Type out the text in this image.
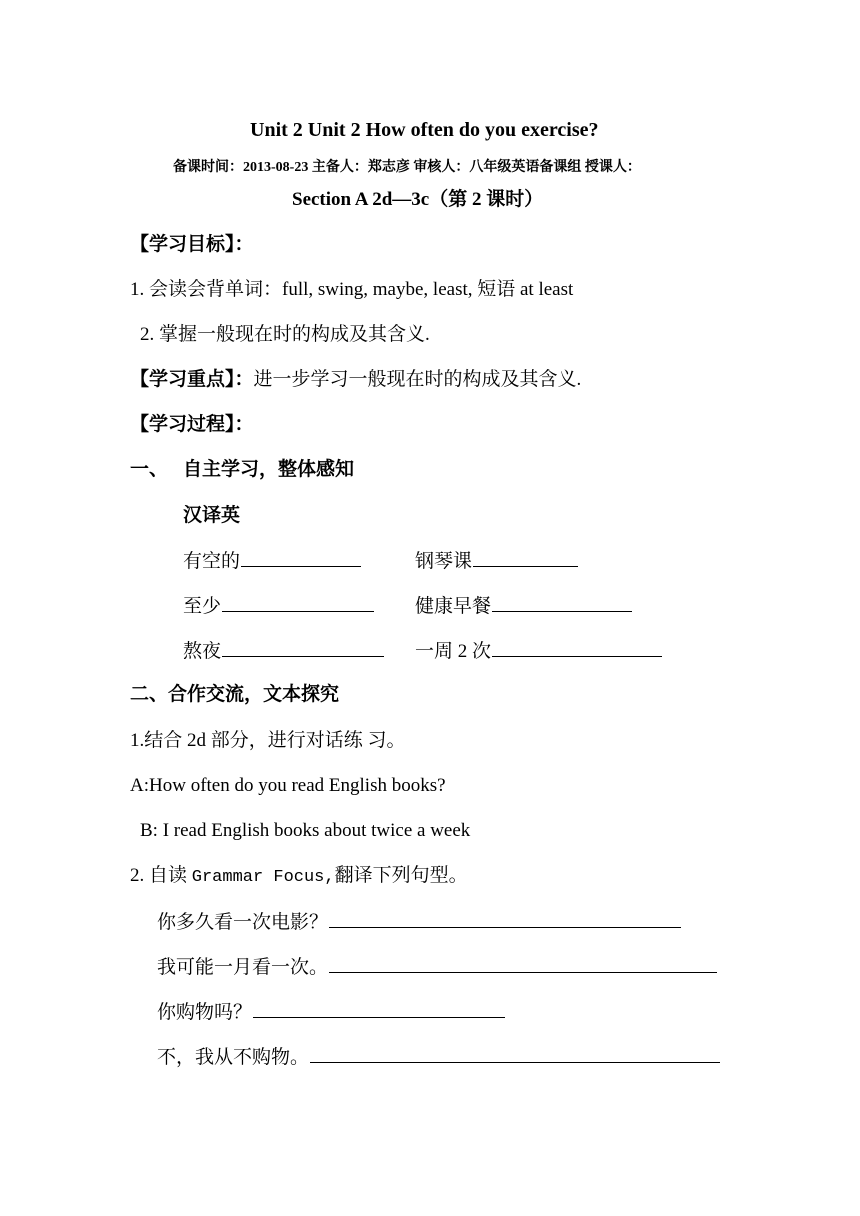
Unit 2 Unit 2 How often do you exercise?
备课时间：2013-08-23 主备人：郑志彦 审核人：八年级英语备课组 授课人：
Section A 2d—3c（第 2 课时）
【学习目标】：
1. 会读会背单词：full, swing, maybe, least, 短语 at least
2. 掌握一般现在时的构成及其含义.
【学习重点】：进一步学习一般现在时的构成及其含义.
【学习过程】：
一、 自主学习，整体感知
汉译英
有空的	钢琴课
至少	健康早餐
熬夜	一周 2 次
二、合作交流，文本探究
1.结合 2d 部分，进行对话练 习。
A:How often do you read English books?
B: I read English books about twice a week
2. 自读 Grammar Focus,翻译下列句型。
你多久看一次电影？
我可能一月看一次。
你购物吗？
不，我从不购物。
